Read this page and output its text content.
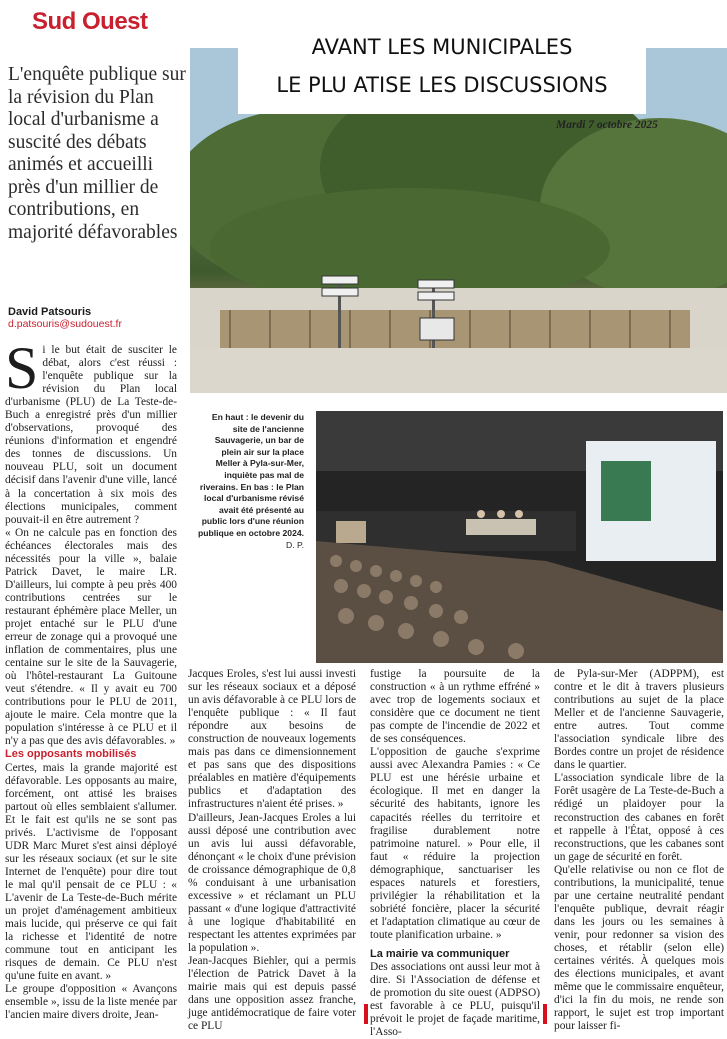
Sud Ouest
AVANT LES MUNICIPALES
LE PLU ATISE LES DISCUSSIONS
Mardi 7 octobre 2025
L'enquête publique sur la révision du Plan local d'urbanisme a suscité des débats animés et accueilli près d'un millier de contributions, en majorité défavorables
David Patsouris
d.patsouris@sudouest.fr
En haut : le devenir du site de l'ancienne Sauvagerie, un bar de plein air sur la place Meller à Pyla-sur-Mer, inquiète pas mal de riverains. En bas : le Plan local d'urbanisme révisé avait été présenté au public lors d'une réunion publique en octobre 2024. D. P.

Si le but était de susciter le débat, alors c'est réussi : l'enquête publique sur la révision du Plan local d'urbanisme (PLU) de La Teste-de-Buch a enregistré près d'un millier d'observations, provoqué des réunions d'information et engendré des tonnes de discussions. Un nouveau PLU, soit un document décisif dans l'avenir d'une ville, lancé à la concertation à six mois des élections municipales, comment pouvait-il en être autrement ?

« On ne calcule pas en fonction des échéances électorales mais des nécessités pour la ville », balaie Patrick Davet, le maire LR. D'ailleurs, lui compte à peu près 400 contributions centrées sur le restaurant éphémère place Meller, un projet entaché sur le PLU d'une erreur de zonage qui a provoqué une inflation de commentaires, plus une centaine sur le site de la Sauvagerie, où l'hôtel-restaurant La Guitoune veut s'étendre. « Il y avait eu 700 contributions pour le PLU de 2011, ajoute le maire. Cela montre que la population s'intéresse à ce PLU et il n'y a pas que des avis défavorables. »

Les opposants mobilisés

Certes, mais la grande majorité est défavorable. Les opposants au maire, forcément, ont attisé les braises partout où elles semblaient s'allumer. Et le fait est qu'ils ne se sont pas privés. L'activisme de l'opposant UDR Marc Muret s'est ainsi déployé sur les réseaux sociaux (et sur le site Internet de l'enquête) pour dire tout le mal qu'il pensait de ce PLU : « L'avenir de La Teste-de-Buch mérite un projet d'aménagement ambitieux mais lucide, qui préserve ce qui fait la richesse et l'identité de notre commune tout en anticipant les risques de demain. Ce PLU n'est qu'une fuite en avant. »

Le groupe d'opposition « Avançons ensemble », issu de la liste menée par l'ancien maire divers droite, Jean-

Jacques Eroles, s'est lui aussi investi sur les réseaux sociaux et a déposé un avis défavorable à ce PLU lors de l'enquête publique : « Il faut répondre aux besoins de construction de nouveaux logements mais pas dans ce dimensionnement et pas sans que des dispositions préalables en matière d'équipements publics et d'adaptation des infrastructures n'aient été prises. »

D'ailleurs, Jean-Jacques Eroles a lui aussi déposé une contribution avec un avis lui aussi défavorable, dénonçant « le choix d'une prévision de croissance démographique de 0,8 % conduisant à une urbanisation excessive » et réclamant un PLU passant « d'une logique d'attractivité à une logique d'habitabilité en respectant les attentes exprimées par la population ».

Jean-Jacques Biehler, qui a permis l'élection de Patrick Davet à la mairie mais qui est depuis passé dans une opposition assez franche, juge antidémocratique de faire voter ce PLU

fustige la poursuite de la construction « à un rythme effréné » avec trop de logements sociaux et considère que ce document ne tient pas compte de l'incendie de 2022 et de ses conséquences.

L'opposition de gauche s'exprime aussi avec Alexandra Pamies : « Ce PLU est une hérésie urbaine et écologique. Il met en danger la sécurité des habitants, ignore les capacités réelles du territoire et fragilise durablement notre patrimoine naturel. » Pour elle, il faut « réduire la projection démographique, sanctuariser les espaces naturels et forestiers, privilégier la réhabilitation et la sobriété foncière, placer la sécurité et l'adaptation climatique au cœur de toute planification urbaine. »

La mairie va communiquer

Des associations ont aussi leur mot à dire. Si l'Association de défense et de promotion du site ouest (ADPSO) est favorable à ce PLU, puisqu'il prévoit le projet de façade maritime, l'Asso-

de Pyla-sur-Mer (ADPPM), est contre et le dit à travers plusieurs contributions au sujet de la place Meller et de l'ancienne Sauvagerie, entre autres. Tout comme l'association syndicale libre des Bordes contre un projet de résidence dans le quartier.

L'association syndicale libre de la Forêt usagère de La Teste-de-Buch a rédigé un plaidoyer pour la reconstruction des cabanes en forêt et rappelle à l'État, opposé à ces reconstructions, que les cabanes sont un gage de sécurité en forêt.

Qu'elle relativise ou non ce flot de contributions, la municipalité, tenue par une certaine neutralité pendant l'enquête publique, devrait réagir dans les jours ou les semaines à venir, pour redonner sa vision des choses, et rétablir (selon elle) certaines vérités. À quelques mois des élections municipales, et avant même que le commissaire enquêteur, d'ici la fin du mois, ne rende son rapport, le sujet est trop important pour laisser fi-
